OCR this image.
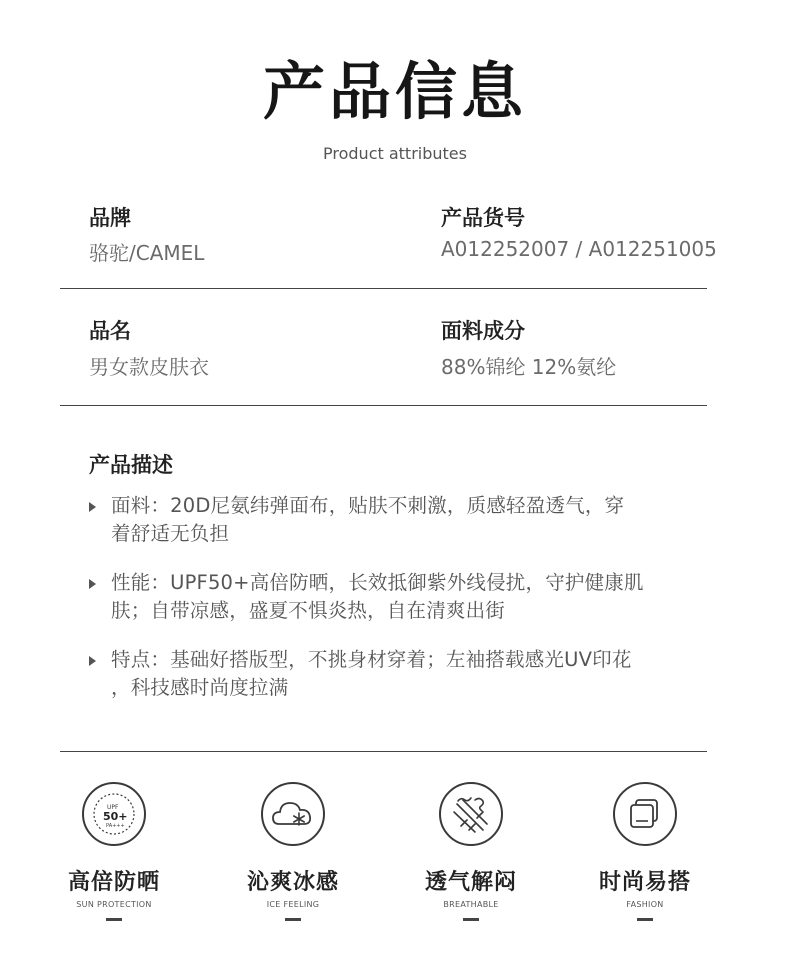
产品信息
Product attributes
品牌
骆驼/CAMEL
产品货号
A012252007 / A012251005
品名
男女款皮肤衣
面料成分
88%锦纶 12%氨纶
产品描述
面料：20D尼氨纬弹面布，贴肤不刺激，质感轻盈透气，穿
着舒适无负担
性能：UPF50+高倍防晒，长效抵御紫外线侵扰，守护健康肌
肤；自带凉感，盛夏不惧炎热，自在清爽出街
特点：基础好搭版型，不挑身材穿着；左袖搭载感光UV印花
，科技感时尚度拉满
UPF
50+
PA+++
高倍防晒
SUN PROTECTION
沁爽冰感
ICE FEELING
透气解闷
BREATHABLE
时尚易搭
FASHION
